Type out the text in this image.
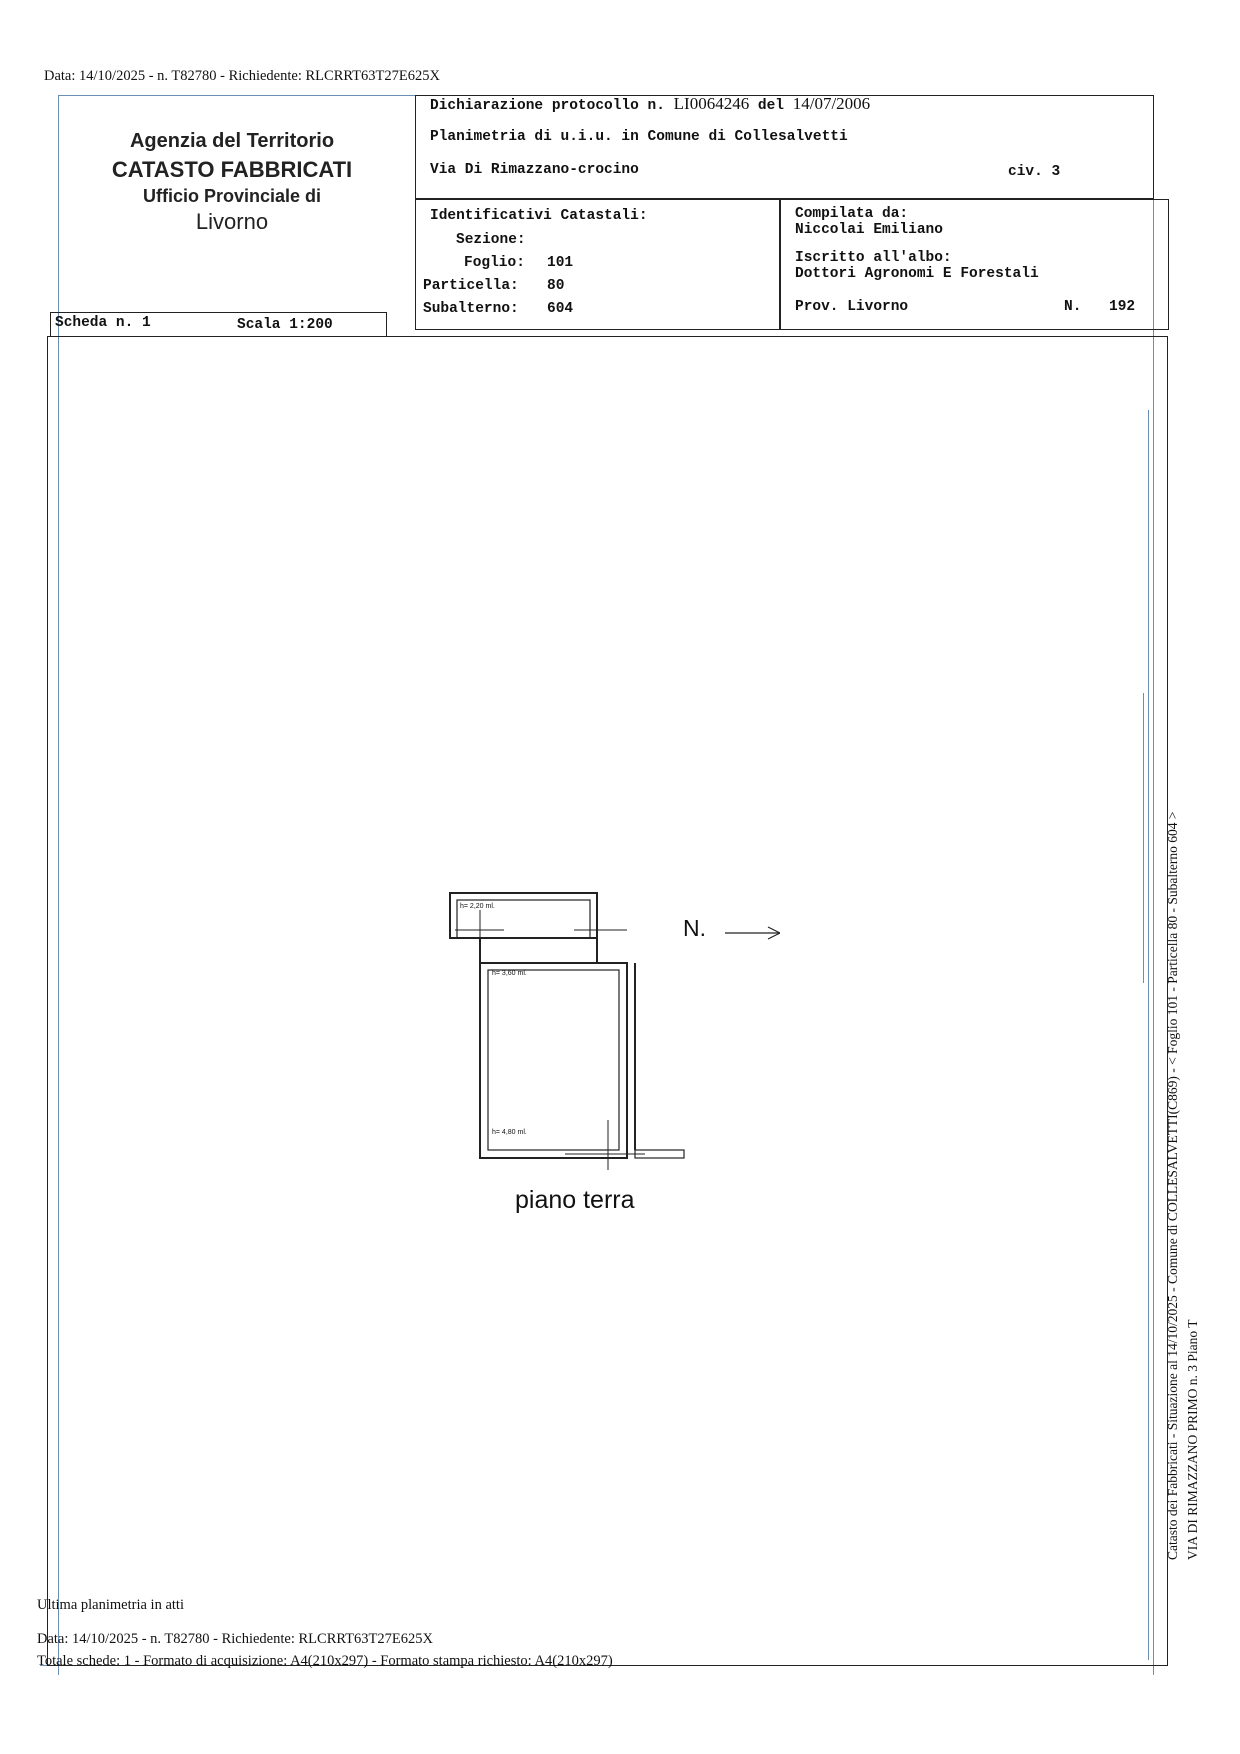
Data: 14/10/2025 - n. T82780 - Richiedente: RLCRRT63T27E625X
Agenzia del Territorio
CATASTO FABBRICATI
Ufficio Provinciale di
Livorno
Dichiarazione protocollo n. LI0064246 del 14/07/2006
Planimetria di u.i.u. in Comune di Collesalvetti
Via Di Rimazzano-crocino	civ. 3
Identificativi Catastali:
Sezione:
Foglio: 101
Particella: 80
Subalterno: 604
Compilata da:
Niccolai Emiliano
Iscritto all'albo:
Dottori Agronomi E Forestali
Prov. Livorno	N. 192
Scheda n. 1	Scala 1:200
h= 2,20 ml.
h= 3,60 ml.
h= 4,80 ml.
N.
piano terra	Catasto dei Fabbricati - Situazione al 14/10/2025 - Comune di COLLESALVETTI(C869) - < Foglio 101 - Particella 80 - Subalterno 604 > VIA DI RIMAZZANO PRIMO n. 3 Piano T
Ultima planimetria in atti
Data: 14/10/2025 - n. T82780 - Richiedente: RLCRRT63T27E625X
Totale schede: 1 - Formato di acquisizione: A4(210x297) - Formato stampa richiesto: A4(210x297)
